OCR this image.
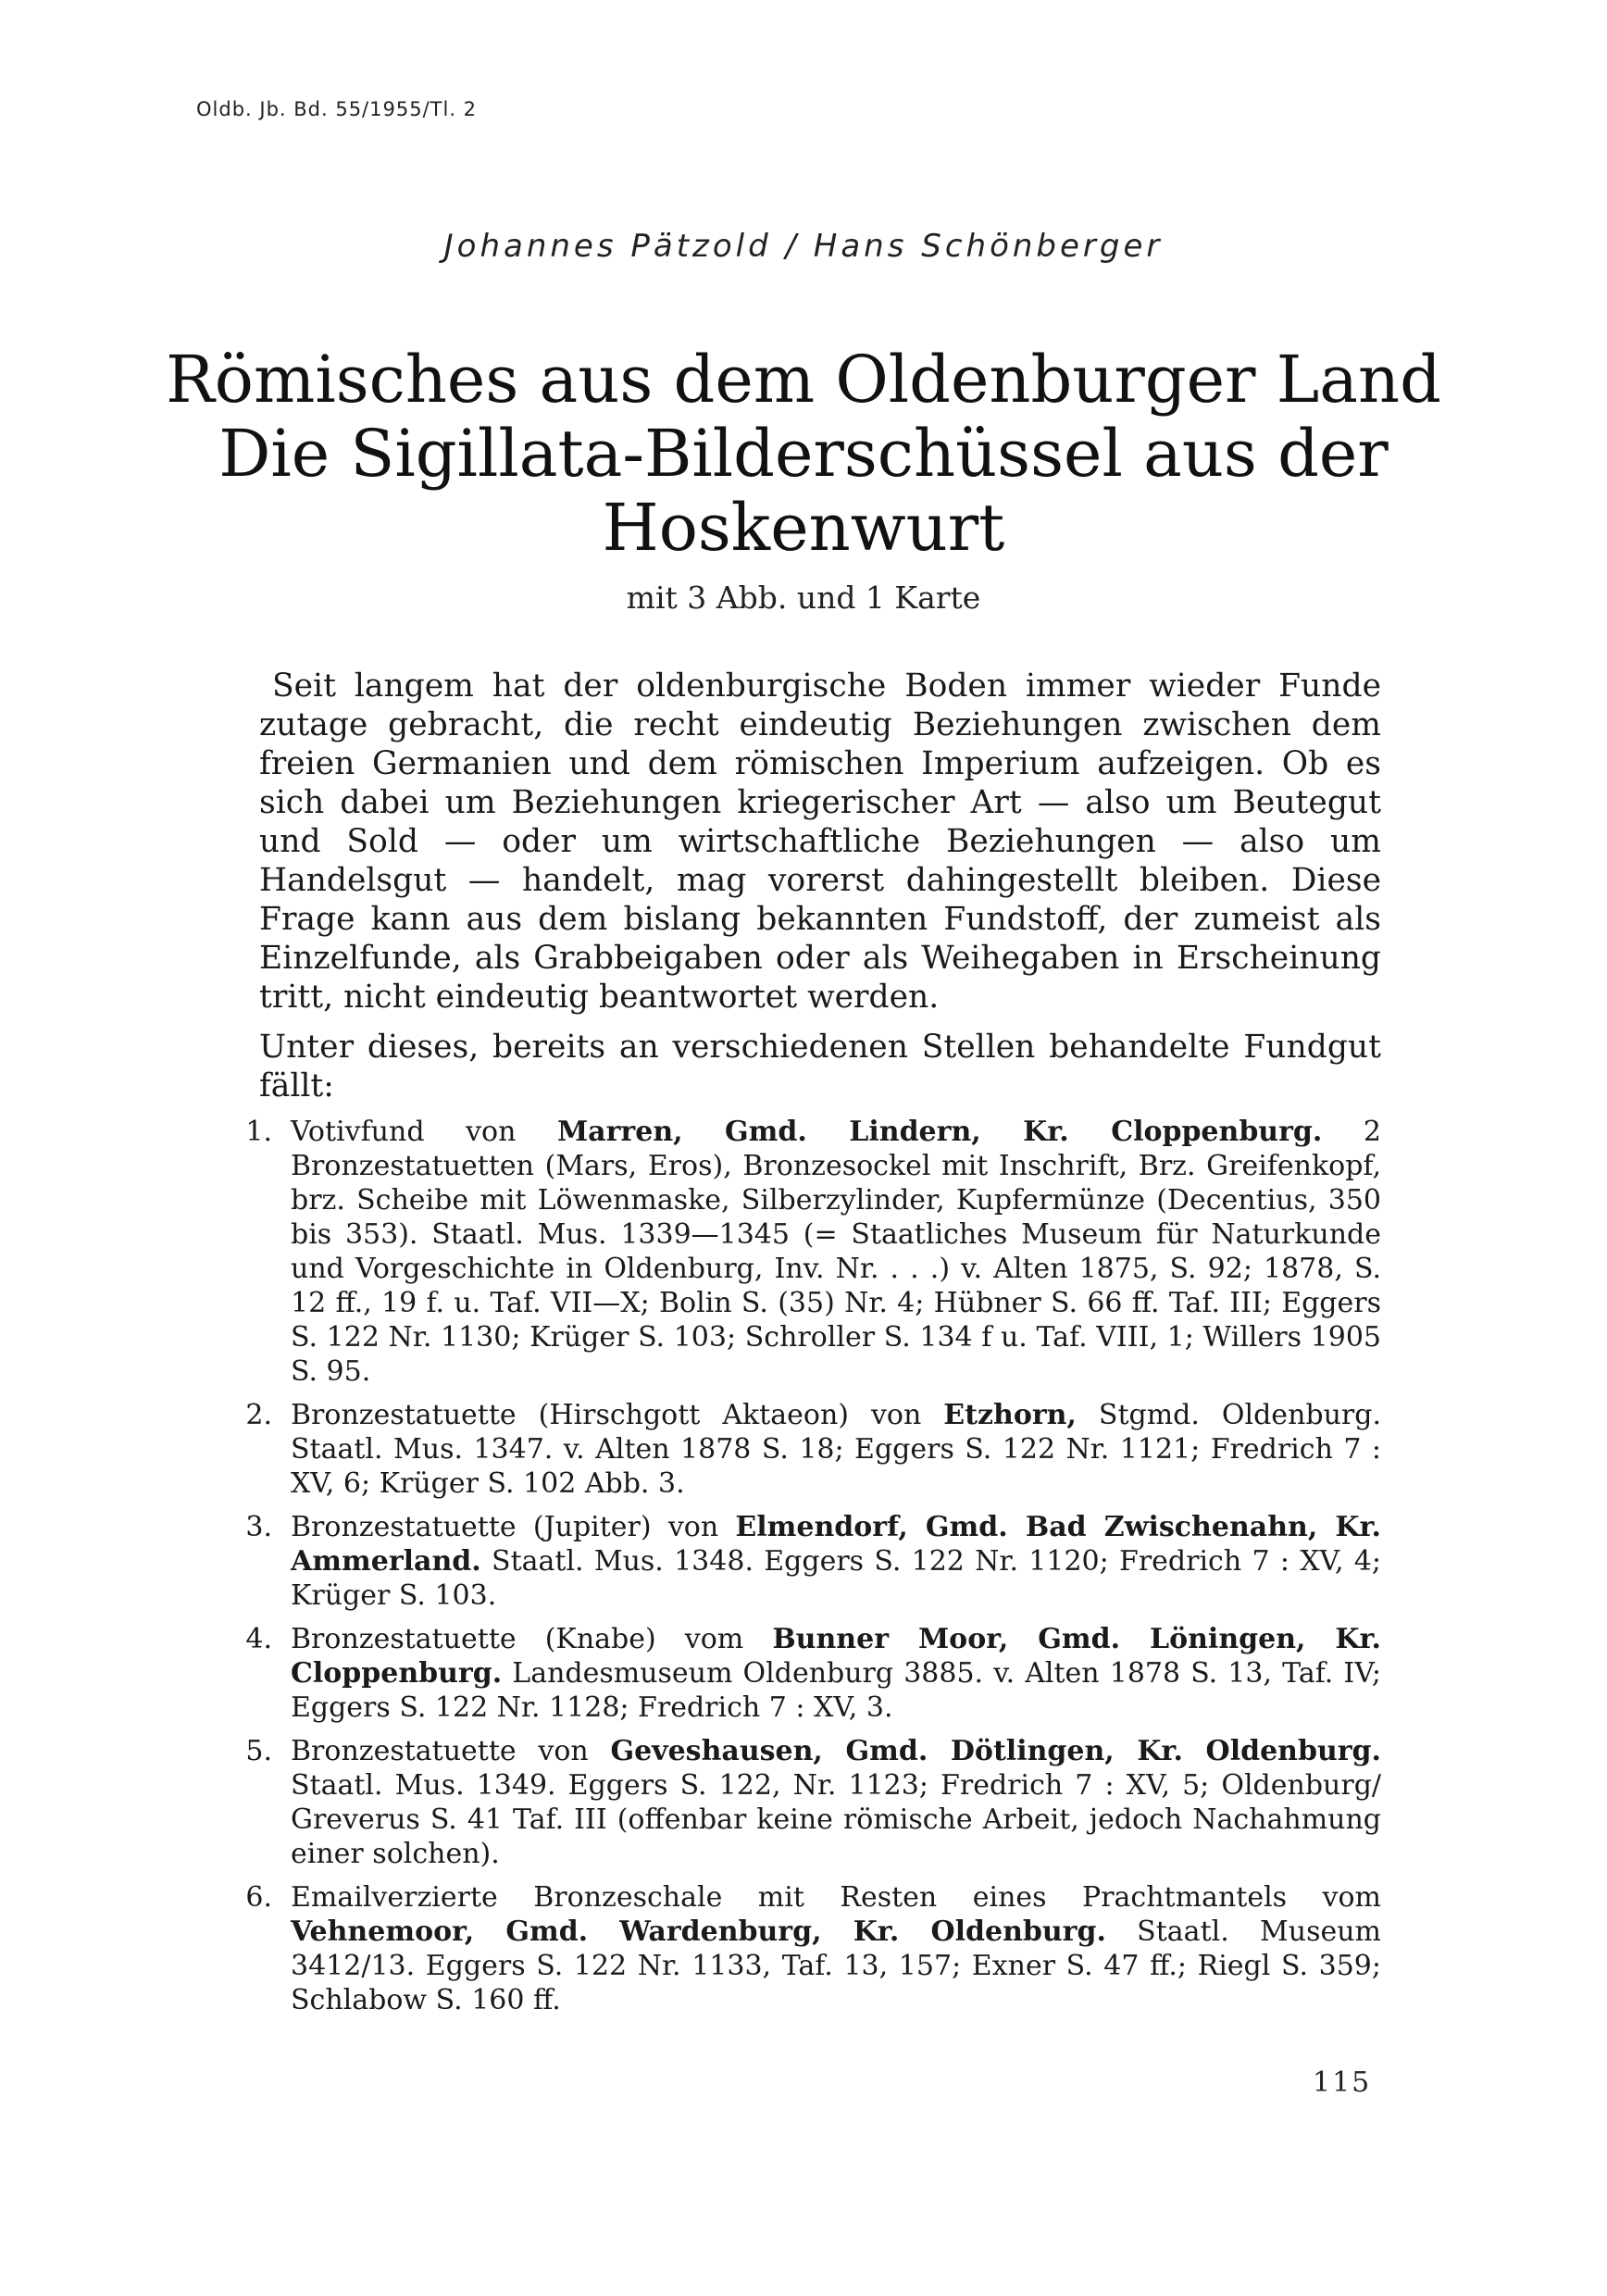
Oldb. Jb. Bd. 55/1955/Tl. 2
Johannes Pätzold / Hans Schönberger
Römisches aus dem Oldenburger Land
Die Sigillata-Bilderschüssel aus der
Hoskenwurt
mit 3 Abb. und 1 Karte

Seit langem hat der oldenburgische Boden immer wieder Funde zutage gebracht, die recht eindeutig Beziehungen zwischen dem freien Germanien und dem römischen Imperium aufzeigen. Ob es sich dabei um Beziehungen kriegerischer Art — also um Beutegut und Sold — oder um wirtschaftliche Beziehungen — also um Handelsgut — handelt, mag vorerst dahingestellt bleiben. Diese Frage kann aus dem bislang bekannten Fundstoff, der zumeist als Einzelfunde, als Grabbeigaben oder als Weihegaben in Erscheinung tritt, nicht eindeutig beantwortet werden.

Unter dieses, bereits an verschiedenen Stellen behandelte Fundgut fällt:

1. Votivfund von Marren, Gmd. Lindern, Kr. Cloppenburg. 2 Bronzestatuetten (Mars, Eros), Bronzesockel mit Inschrift, Brz. Greifenkopf, brz. Scheibe mit Löwenmaske, Silberzylinder, Kupfermünze (Decentius, 350 bis 353). Staatl. Mus. 1339—1345 (= Staatliches Museum für Naturkunde und Vorgeschichte in Oldenburg, Inv. Nr. . . .) v. Alten 1875, S. 92; 1878, S. 12 ff., 19 f. u. Taf. VII—X; Bolin S. (35) Nr. 4; Hübner S. 66 ff. Taf. III; Eggers S. 122 Nr. 1130; Krüger S. 103; Schroller S. 134 f u. Taf. VIII, 1; Willers 1905 S. 95.
2. Bronzestatuette (Hirschgott Aktaeon) von Etzhorn, Stgmd. Oldenburg. Staatl. Mus. 1347. v. Alten 1878 S. 18; Eggers S. 122 Nr. 1121; Fredrich 7 : XV, 6; Krüger S. 102 Abb. 3.
3. Bronzestatuette (Jupiter) von Elmendorf, Gmd. Bad Zwischenahn, Kr. Ammerland. Staatl. Mus. 1348. Eggers S. 122 Nr. 1120; Fredrich 7 : XV, 4; Krüger S. 103.
4. Bronzestatuette (Knabe) vom Bunner Moor, Gmd. Löningen, Kr. Cloppenburg. Landesmuseum Oldenburg 3885. v. Alten 1878 S. 13, Taf. IV; Eggers S. 122 Nr. 1128; Fredrich 7 : XV, 3.
5. Bronzestatuette von Geveshausen, Gmd. Dötlingen, Kr. Oldenburg. Staatl. Mus. 1349. Eggers S. 122, Nr. 1123; Fredrich 7 : XV, 5; Oldenburg/ Greverus S. 41 Taf. III (offenbar keine römische Arbeit, jedoch Nachahmung einer solchen).
6. Emailverzierte Bronzeschale mit Resten eines Prachtmantels vom Vehnemoor, Gmd. Wardenburg, Kr. Oldenburg. Staatl. Museum 3412/13. Eggers S. 122 Nr. 1133, Taf. 13, 157; Exner S. 47 ff.; Riegl S. 359; Schlabow S. 160 ff.
115
